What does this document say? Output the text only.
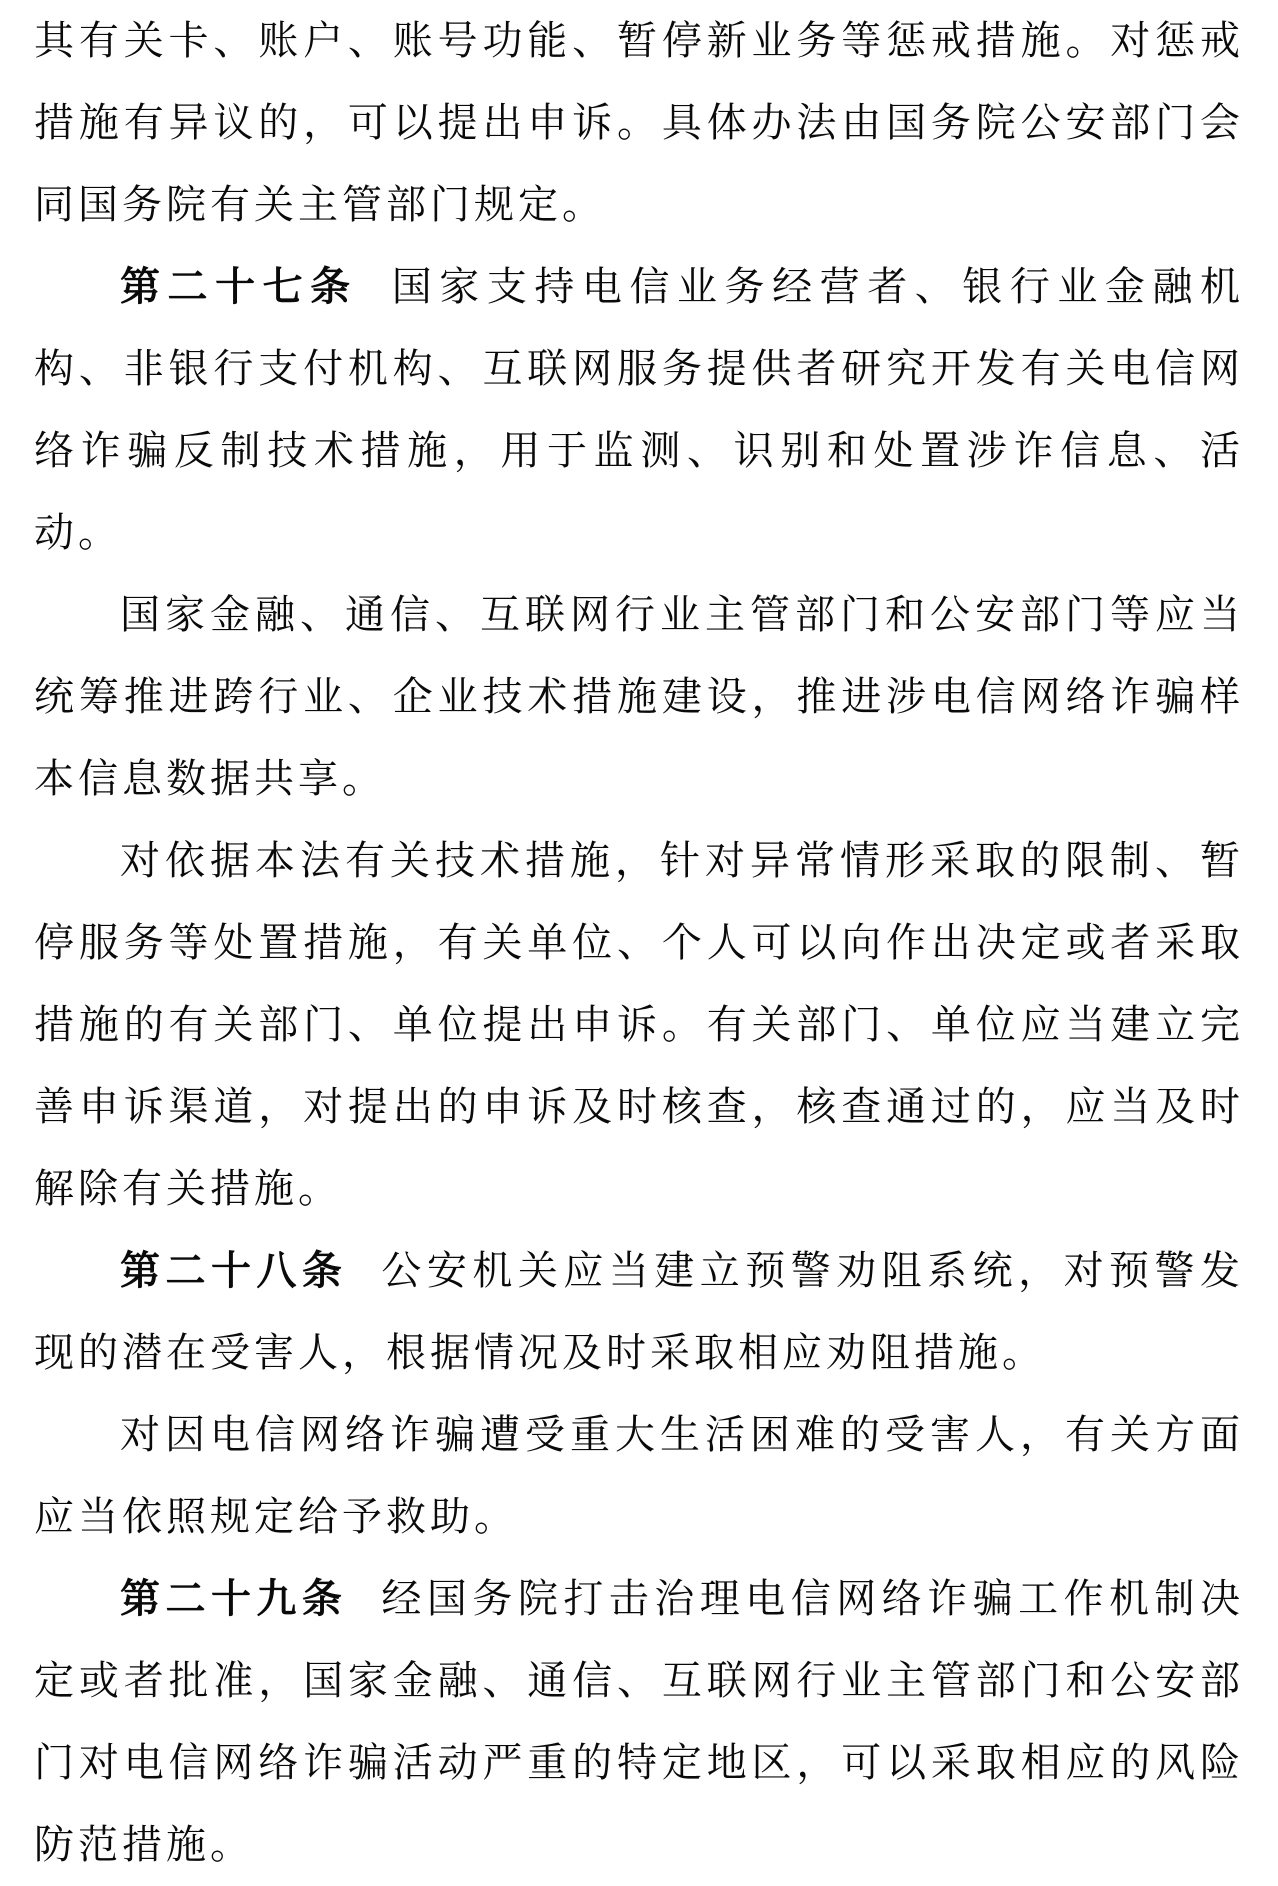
其有关卡、账户、账号功能、暂停新业务等惩戒措施。对惩戒措施有异议的，可以提出申诉。具体办法由国务院公安部门会同国务院有关主管部门规定。

第二十七条 国家支持电信业务经营者、银行业金融机构、非银行支付机构、互联网服务提供者研究开发有关电信网络诈骗反制技术措施，用于监测、识别和处置涉诈信息、活动。

国家金融、通信、互联网行业主管部门和公安部门等应当统筹推进跨行业、企业技术措施建设，推进涉电信网络诈骗样本信息数据共享。

对依据本法有关技术措施，针对异常情形采取的限制、暂停服务等处置措施，有关单位、个人可以向作出决定或者采取措施的有关部门、单位提出申诉。有关部门、单位应当建立完善申诉渠道，对提出的申诉及时核查，核查通过的，应当及时解除有关措施。

第二十八条 公安机关应当建立预警劝阻系统，对预警发现的潜在受害人，根据情况及时采取相应劝阻措施。

对因电信网络诈骗遭受重大生活困难的受害人，有关方面应当依照规定给予救助。

第二十九条 经国务院打击治理电信网络诈骗工作机制决定或者批准，国家金融、通信、互联网行业主管部门和公安部门对电信网络诈骗活动严重的特定地区，可以采取相应的风险防范措施。
